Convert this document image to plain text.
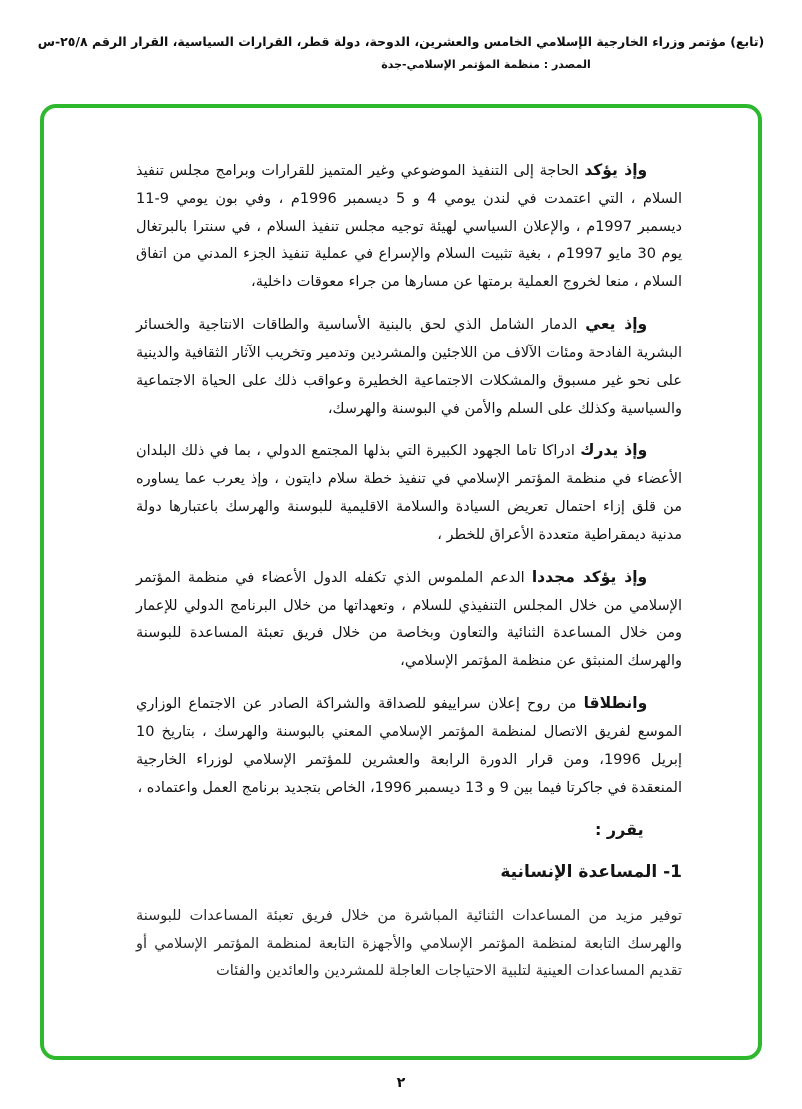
(تابع) مؤتمر وزراء الخارجية الإسلامي الخامس والعشرين، الدوحة، دولة قطر، القرارات السياسية، القرار الرقم ٢٥/٨-س
المصدر : منظمة المؤتمر الإسلامي-جدة

وإذ يؤكد الحاجة إلى التنفيذ الموضوعي وغير المتميز للقرارات وبرامج مجلس تنفيذ السلام ، التي اعتمدت في لندن يومي 4 و 5 ديسمبر 1996م ، وفي بون يومي 9-11 ديسمبر 1997م ، والإعلان السياسي لهيئة توجيه مجلس تنفيذ السلام ، في سنترا بالبرتغال يوم 30 مايو 1997م ، بغية تثبيت السلام والإسراع في عملية تنفيذ الجزء المدني من اتفاق السلام ، منعا لخروج العملية برمتها عن مسارها من جراء معوقات داخلية،

وإذ يعي الدمار الشامل الذي لحق بالبنية الأساسية والطاقات الانتاجية والخسائر البشرية الفادحة ومئات الآلاف من اللاجئين والمشردين وتدمير وتخريب الآثار الثقافية والدينية على نحو غير مسبوق والمشكلات الاجتماعية الخطيرة وعواقب ذلك على الحياة الاجتماعية والسياسية وكذلك على السلم والأمن في البوسنة والهرسك،

وإذ يدرك ادراكا تاما الجهود الكبيرة التي بذلها المجتمع الدولي ، بما في ذلك البلدان الأعضاء في منظمة المؤتمر الإسلامي في تنفيذ خطة سلام دايتون ، وإذ يعرب عما يساوره من قلق إزاء احتمال تعريض السيادة والسلامة الاقليمية للبوسنة والهرسك باعتبارها دولة مدنية ديمقراطية متعددة الأعراق للخطر ،

وإذ يؤكد مجددا الدعم الملموس الذي تكفله الدول الأعضاء في منظمة المؤتمر الإسلامي من خلال المجلس التنفيذي للسلام ، وتعهداتها من خلال البرنامج الدولي للإعمار ومن خلال المساعدة الثنائية والتعاون وبخاصة من خلال فريق تعبئة المساعدة للبوسنة والهرسك المنبثق عن منظمة المؤتمر الإسلامي،

وانطلاقا من روح إعلان سراييفو للصداقة والشراكة الصادر عن الاجتماع الوزاري الموسع لفريق الاتصال لمنظمة المؤتمر الإسلامي المعني بالبوسنة والهرسك ، بتاريخ 10 إبريل 1996، ومن قرار الدورة الرابعة والعشرين للمؤتمر الإسلامي لوزراء الخارجية المنعقدة في جاكرتا فيما بين 9 و 13 ديسمبر 1996، الخاص بتجديد برنامج العمل واعتماده ،

يقرر :

1- المساعدة الإنسانية

توفير مزيد من المساعدات الثنائية المباشرة من خلال فريق تعبئة المساعدات للبوسنة والهرسك التابعة لمنظمة المؤتمر الإسلامي والأجهزة التابعة لمنظمة المؤتمر الإسلامي أو تقديم المساعدات العينية لتلبية الاحتياجات العاجلة للمشردين والعائدين والفئات

٢
